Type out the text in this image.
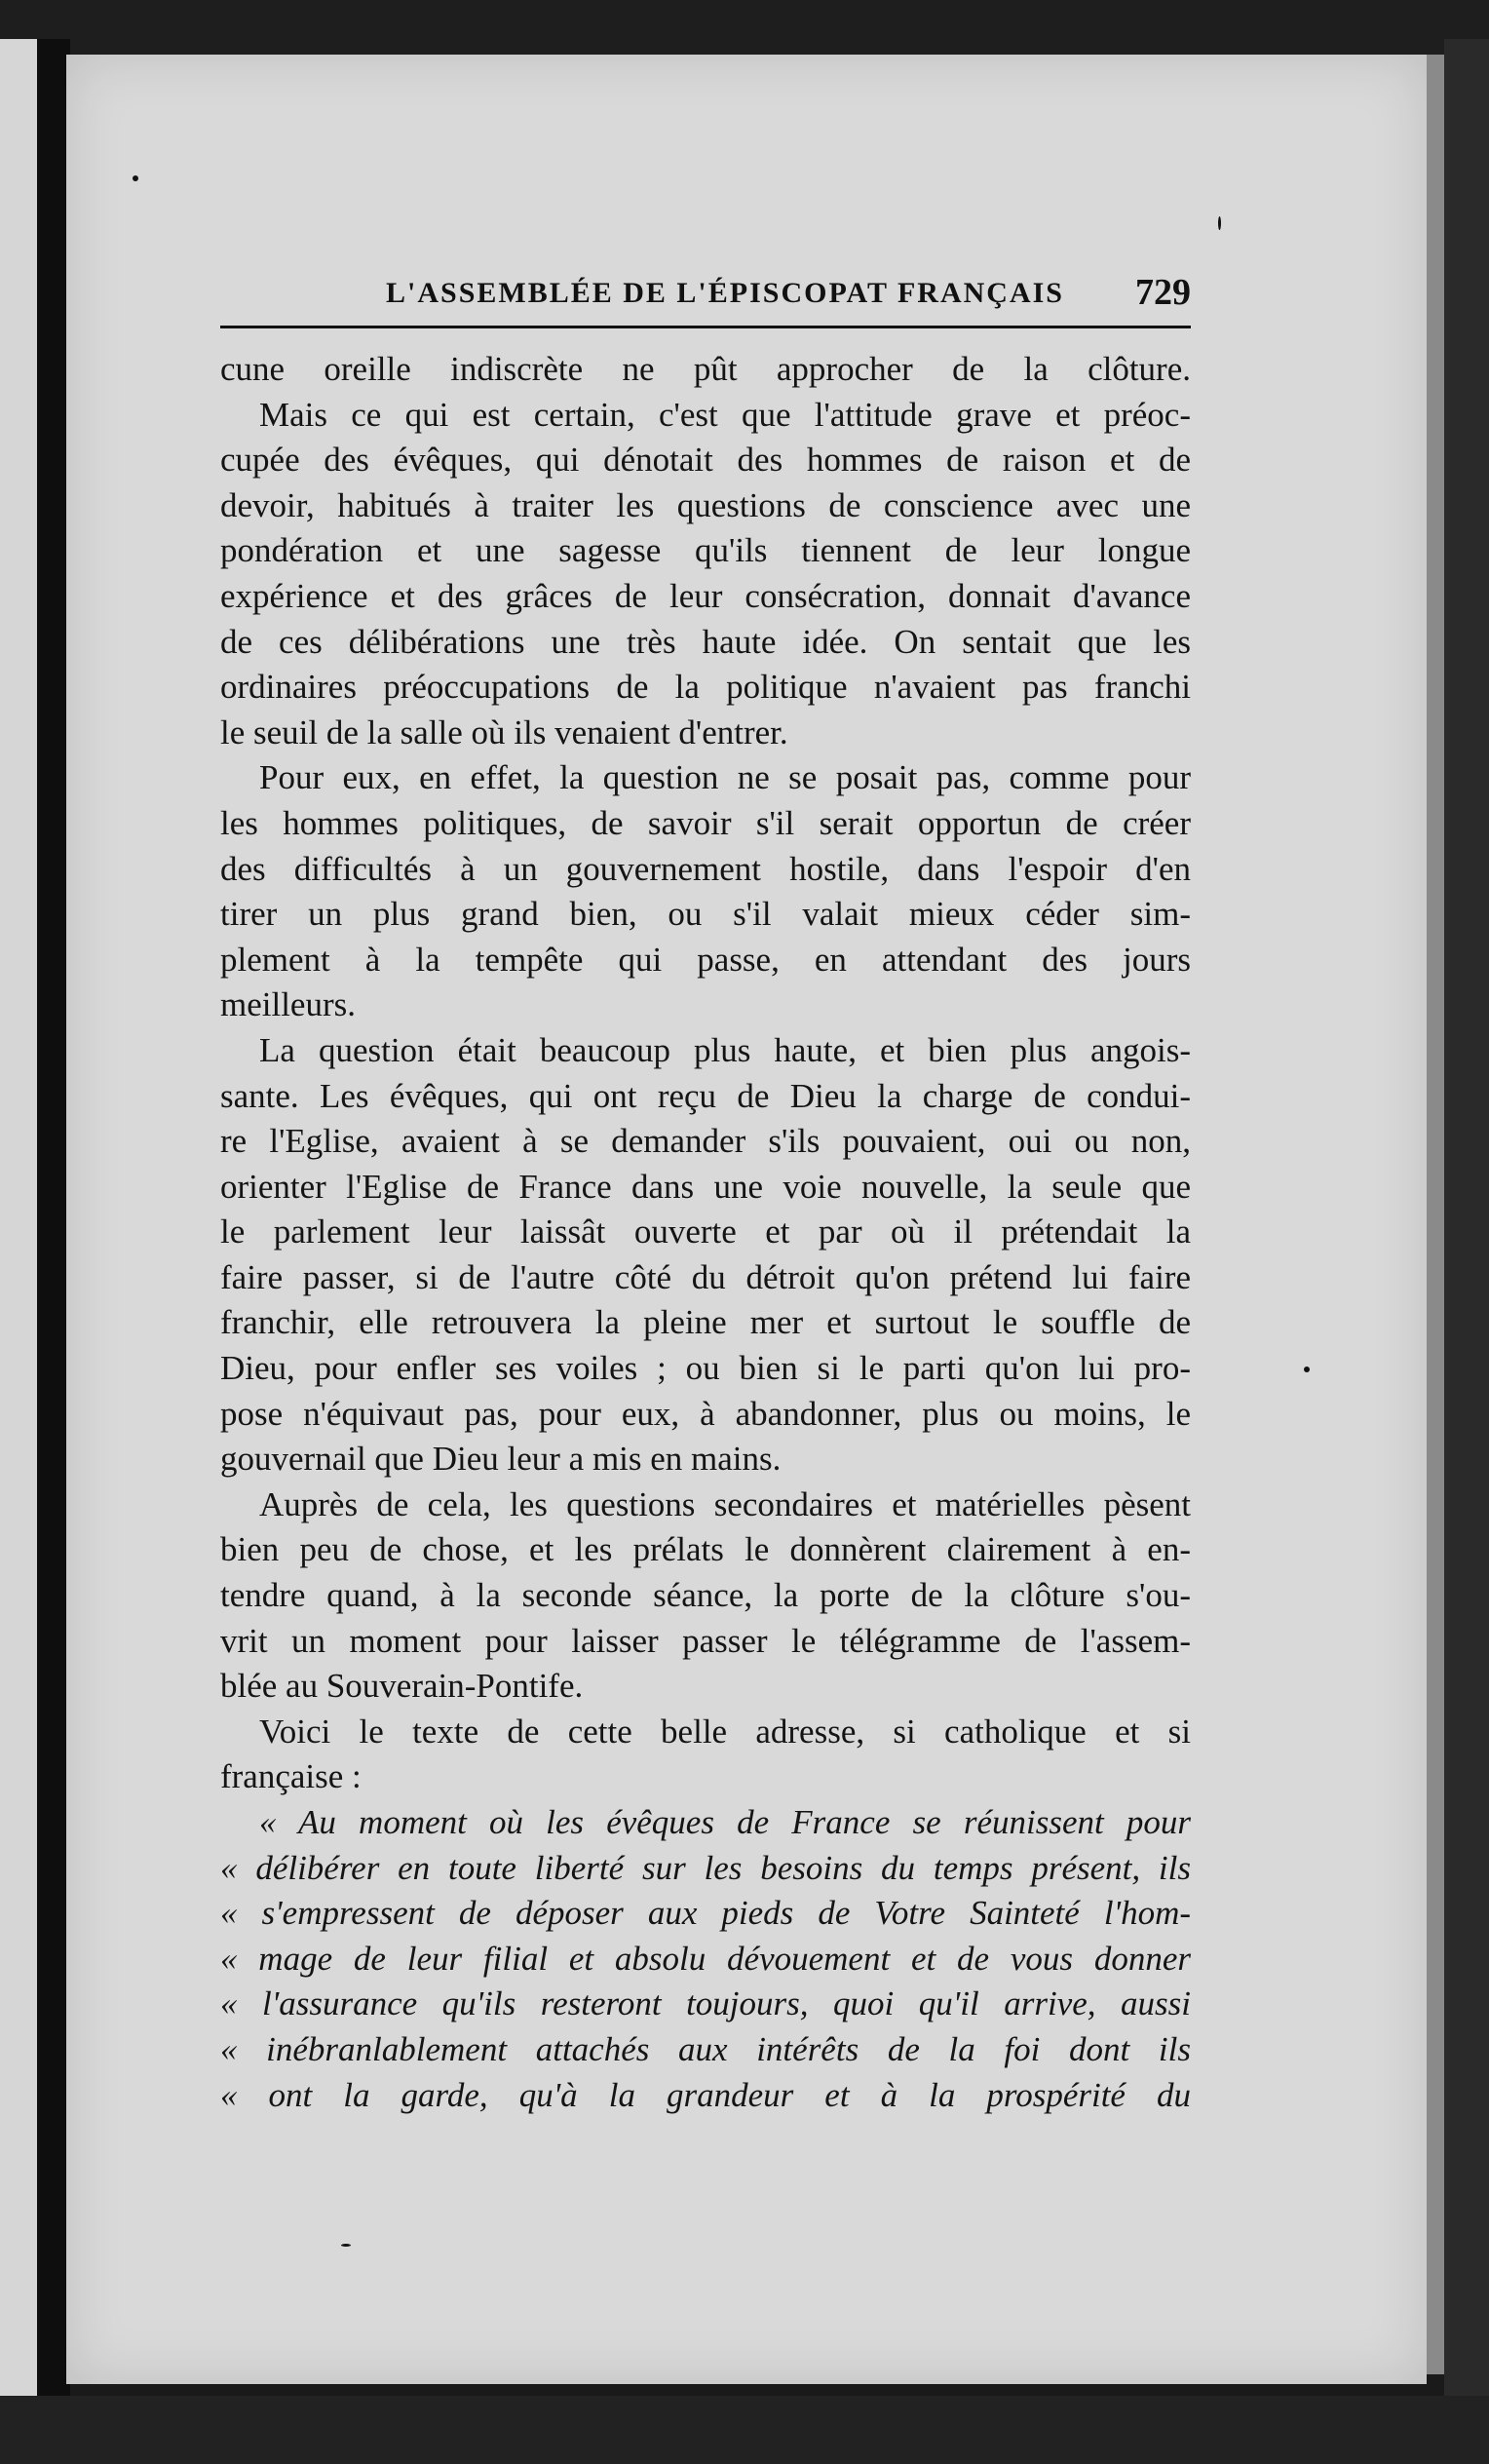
L'ASSEMBLÉE DE L'ÉPISCOPAT FRANÇAIS 729
cune oreille indiscrète ne pût approcher de la clôture.
Mais ce qui est certain, c'est que l'attitude grave et préoc-
cupée des évêques, qui dénotait des hommes de raison et de
devoir, habitués à traiter les questions de conscience avec une
pondération et une sagesse qu'ils tiennent de leur longue
expérience et des grâces de leur consécration, donnait d'avance
de ces délibérations une très haute idée. On sentait que les
ordinaires préoccupations de la politique n'avaient pas franchi
le seuil de la salle où ils venaient d'entrer.
Pour eux, en effet, la question ne se posait pas, comme pour
les hommes politiques, de savoir s'il serait opportun de créer
des difficultés à un gouvernement hostile, dans l'espoir d'en
tirer un plus grand bien, ou s'il valait mieux céder sim-
plement à la tempête qui passe, en attendant des jours
meilleurs.
La question était beaucoup plus haute, et bien plus angois-
sante. Les évêques, qui ont reçu de Dieu la charge de condui-
re l'Eglise, avaient à se demander s'ils pouvaient, oui ou non,
orienter l'Eglise de France dans une voie nouvelle, la seule que
le parlement leur laissât ouverte et par où il prétendait la
faire passer, si de l'autre côté du détroit qu'on prétend lui faire
franchir, elle retrouvera la pleine mer et surtout le souffle de
Dieu, pour enfler ses voiles ; ou bien si le parti qu'on lui pro-
pose n'équivaut pas, pour eux, à abandonner, plus ou moins, le
gouvernail que Dieu leur a mis en mains.
Auprès de cela, les questions secondaires et matérielles pèsent
bien peu de chose, et les prélats le donnèrent clairement à en-
tendre quand, à la seconde séance, la porte de la clôture s'ou-
vrit un moment pour laisser passer le télégramme de l'assem-
blée au Souverain-Pontife.
Voici le texte de cette belle adresse, si catholique et si
française :
« Au moment où les évêques de France se réunissent pour
« délibérer en toute liberté sur les besoins du temps présent, ils
« s'empressent de déposer aux pieds de Votre Sainteté l'hom-
« mage de leur filial et absolu dévouement et de vous donner
« l'assurance qu'ils resteront toujours, quoi qu'il arrive, aussi
« inébranlablement attachés aux intérêts de la foi dont ils
« ont la garde, qu'à la grandeur et à la prospérité du
